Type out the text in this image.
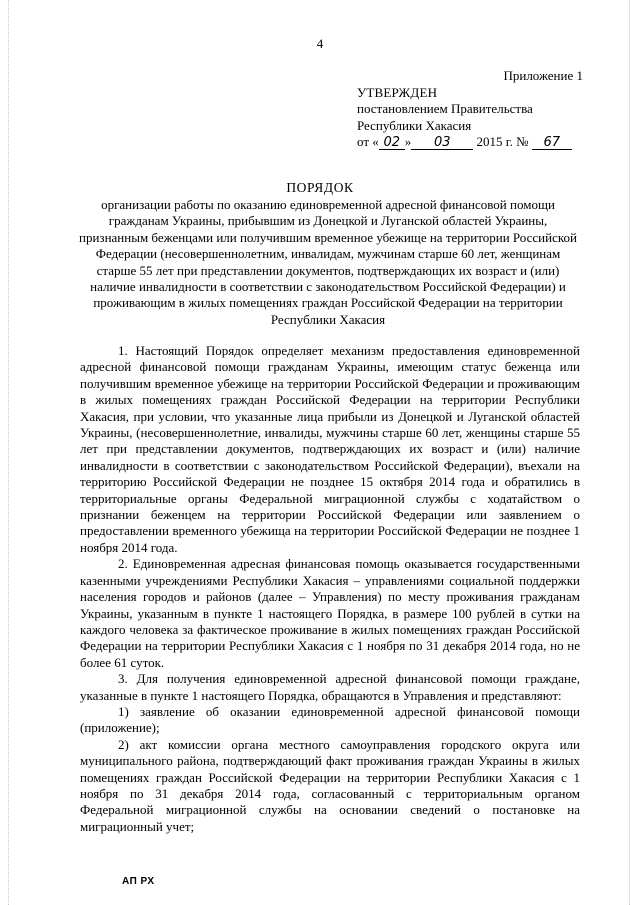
4
Приложение 1
УТВЕРЖДЕН
постановлением Правительства
Республики Хакасия
от « 02 » 03 2015 г. № 67
ПОРЯДОК
организации работы по оказанию единовременной адресной финансовой помощи гражданам Украины, прибывшим из Донецкой и Луганской областей Украины, признанным беженцами или получившим временное убежище на территории Российской Федерации (несовершеннолетним, инвалидам, мужчинам старше 60 лет, женщинам старше 55 лет при представлении документов, подтверждающих их возраст и (или) наличие инвалидности в соответствии с законодательством Российской Федерации) и проживающим в жилых помещениях граждан Российской Федерации на территории Республики Хакасия

1. Настоящий Порядок определяет механизм предоставления единовременной адресной финансовой помощи гражданам Украины, имеющим статус беженца или получившим временное убежище на территории Российской Федерации и проживающим в жилых помещениях граждан Российской Федерации на территории Республики Хакасия, при условии, что указанные лица прибыли из Донецкой и Луганской областей Украины, (несовершеннолетние, инвалиды, мужчины старше 60 лет, женщины старше 55 лет при представлении документов, подтверждающих их возраст и (или) наличие инвалидности в соответствии с законодательством Российской Федерации), въехали на территорию Российской Федерации не позднее 15 октября 2014 года и обратились в территориальные органы Федеральной миграционной службы с ходатайством о признании беженцем на территории Российской Федерации или заявлением о предоставлении временного убежища на территории Российской Федерации не позднее 1 ноября 2014 года.

2. Единовременная адресная финансовая помощь оказывается государственными казенными учреждениями Республики Хакасия – управлениями социальной поддержки населения городов и районов (далее – Управления) по месту проживания гражданам Украины, указанным в пункте 1 настоящего Порядка, в размере 100 рублей в сутки на каждого человека за фактическое проживание в жилых помещениях граждан Российской Федерации на территории Республики Хакасия с 1 ноября по 31 декабря 2014 года, но не более 61 суток.

3. Для получения единовременной адресной финансовой помощи граждане, указанные в пункте 1 настоящего Порядка, обращаются в Управления и представляют:

1) заявление об оказании единовременной адресной финансовой помощи (приложение);

2) акт комиссии органа местного самоуправления городского округа или муниципального района, подтверждающий факт проживания граждан Украины в жилых помещениях граждан Российской Федерации на территории Республики Хакасия с 1 ноября по 31 декабря 2014 года, согласованный с территориальным органом Федеральной миграционной службы на основании сведений о постановке на миграционный учет;

АП РХ
